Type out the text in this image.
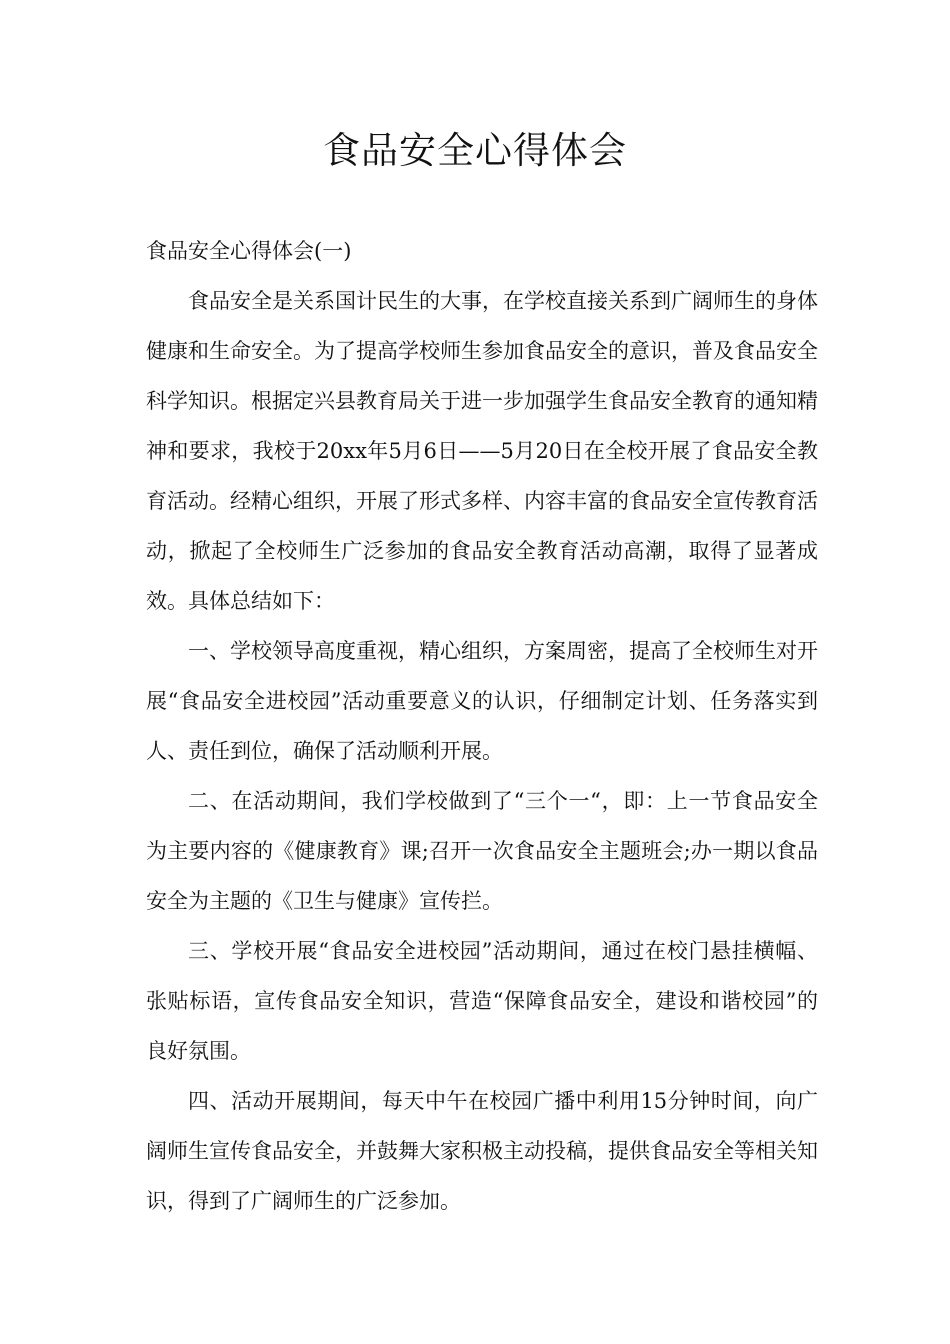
食品安全心得体会

食品安全心得体会(一)

食品安全是关系国计民生的大事，在学校直接关系到广阔师生的身体健康和生命安全。为了提高学校师生参加食品安全的意识，普及食品安全科学知识。根据定兴县教育局关于进一步加强学生食品安全教育的通知精神和要求，我校于20xx年5月6日——5月20日在全校开展了食品安全教育活动。经精心组织，开展了形式多样、内容丰富的食品安全宣传教育活动，掀起了全校师生广泛参加的食品安全教育活动高潮，取得了显著成效。具体总结如下：

一、学校领导高度重视，精心组织，方案周密，提高了全校师生对开展“食品安全进校园”活动重要意义的认识，仔细制定计划、任务落实到人、责任到位，确保了活动顺利开展。

二、在活动期间，我们学校做到了“三个一“，即：上一节食品安全为主要内容的《健康教育》课;召开一次食品安全主题班会;办一期以食品安全为主题的《卫生与健康》宣传拦。

三、学校开展“食品安全进校园”活动期间，通过在校门悬挂横幅、张贴标语，宣传食品安全知识，营造“保障食品安全，建设和谐校园”的良好氛围。

四、活动开展期间，每天中午在校园广播中利用15分钟时间，向广阔师生宣传食品安全，并鼓舞大家积极主动投稿，提供食品安全等相关知识，得到了广阔师生的广泛参加。
